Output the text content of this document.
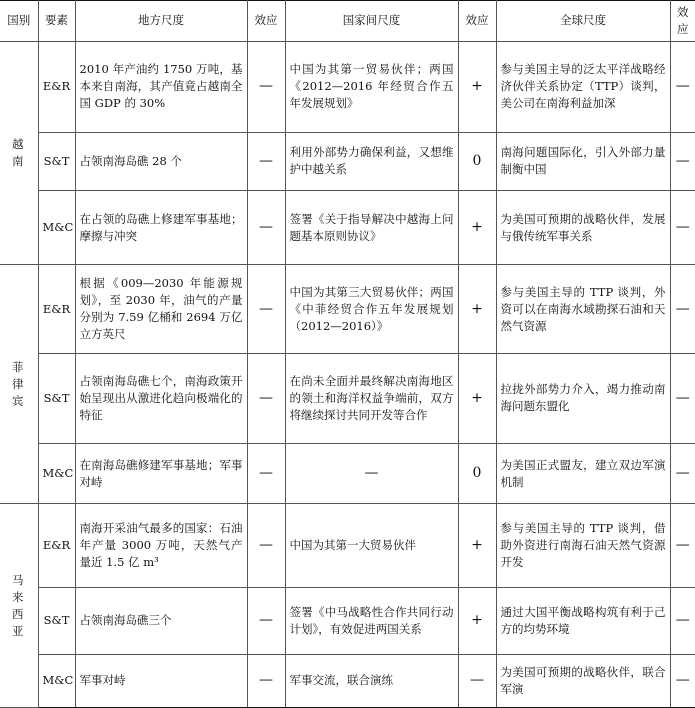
国别	要素	地方尺度	效应	国家间尺度	效应	全球尺度	效应

越
南	E&R	2010 年产油约 1750 万吨，基本来自南海，其产值竟占越南全国 GDP 的 30%	—	中国为其第一贸易伙伴；两国《2012—2016 年经贸合作五年发展规划》	+	参与美国主导的泛太平洋战略经济伙伴关系协定（TTP）谈判，美公司在南海利益加深	—
	S&T	占领南海岛礁 28 个	—	利用外部势力确保利益，又想维护中越关系	0	南海问题国际化，引入外部力量制衡中国	—
	M&C	在占领的岛礁上修建军事基地；摩擦与冲突	—	签署《关于指导解决中越海上问题基本原则协议》	+	为美国可预期的战略伙伴，发展与俄传统军事关系	—

菲
律
宾	E&R	根据《009—2030 年能源规划》，至 2030 年，油气的产量分别为 7.59 亿桶和 2694 万亿立方英尺	—	中国为其第三大贸易伙伴；两国《中菲经贸合作五年发展规划（2012—2016）》	+	参与美国主导的 TTP 谈判，外资可以在南海水域勘探石油和天然气资源	—
	S&T	占领南海岛礁七个，南海政策开始呈现出从激进化趋向极端化的特征	—	在尚未全面并最终解决南海地区的领土和海洋权益争端前，双方将继续探讨共同开发等合作	+	拉拢外部势力介入，竭力推动南海问题东盟化	—
	M&C	在南海岛礁修建军事基地；军事对峙	—	—	0	为美国正式盟友，建立双边军演机制	—

马
来
西
亚	E&R	南海开采油气最多的国家：石油年产量 3000 万吨，天然气产量近 1.5 亿 m³	—	中国为其第一大贸易伙伴	+	参与美国主导的 TTP 谈判，借助外资进行南海石油天然气资源开发	—
	S&T	占领南海岛礁三个	—	签署《中马战略性合作共同行动计划》，有效促进两国关系	+	通过大国平衡战略构筑有利于己方的均势环境	—
	M&C	军事对峙	—	军事交流，联合演练	—	为美国可预期的战略伙伴，联合军演	—
